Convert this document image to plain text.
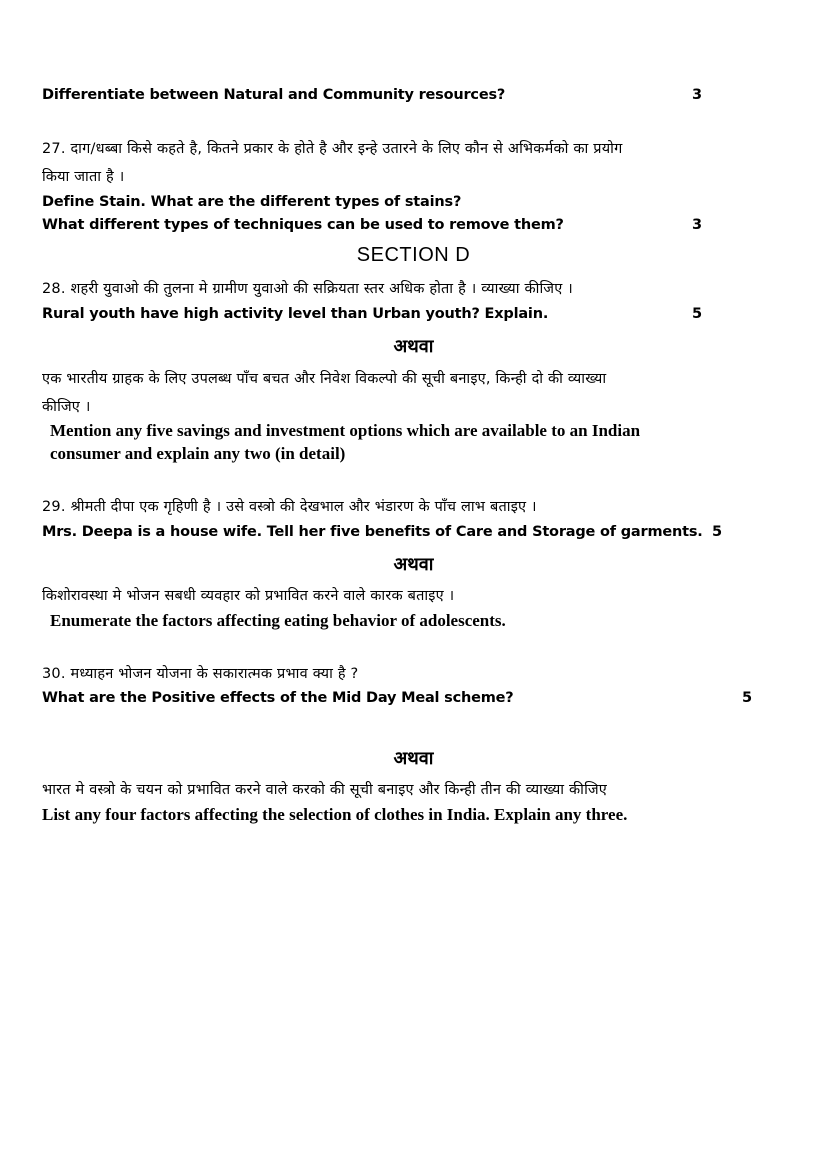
Differentiate between Natural and Community resources?	3
27. दाग/धब्बा किसे कहते है, कितने प्रकार के होते है और इन्हे उतारने के लिए कौन से अभिकर्मको का प्रयोग
किया जाता है ।
Define Stain. What are the different types of stains?
What different types of techniques can be used to remove them?	3
SECTION D
28. शहरी युवाओ की तुलना मे ग्रामीण युवाओ की सक्रियता स्तर अधिक होता है । व्याख्या कीजिए ।
Rural youth have high activity level than Urban youth? Explain.	5
अथवा
एक भारतीय ग्राहक के लिए उपलब्ध पाँच बचत और निवेश विकल्पो की सूची बनाइए, किन्ही दो की व्याख्या
कीजिए ।
Mention any five savings and investment options which are available to an Indian
consumer and explain any two (in detail)
29. श्रीमती दीपा एक गृहिणी है । उसे वस्त्रो की देखभाल और भंडारण के पाँच लाभ बताइए ।
Mrs. Deepa is a house wife. Tell her five benefits of Care and Storage of garments. 5
अथवा
किशोरावस्था मे भोजन सबधी व्यवहार को प्रभावित करने वाले कारक बताइए ।
Enumerate the factors affecting eating behavior of adolescents.
30. मध्याहन भोजन योजना के सकारात्मक प्रभाव क्या है ?
What are the Positive effects of the Mid Day Meal scheme?	5
अथवा
भारत मे वस्त्रो के चयन को प्रभावित करने वाले करको की सूची बनाइए और किन्ही तीन की व्याख्या कीजिए
List any four factors affecting the selection of clothes in India. Explain any three.
